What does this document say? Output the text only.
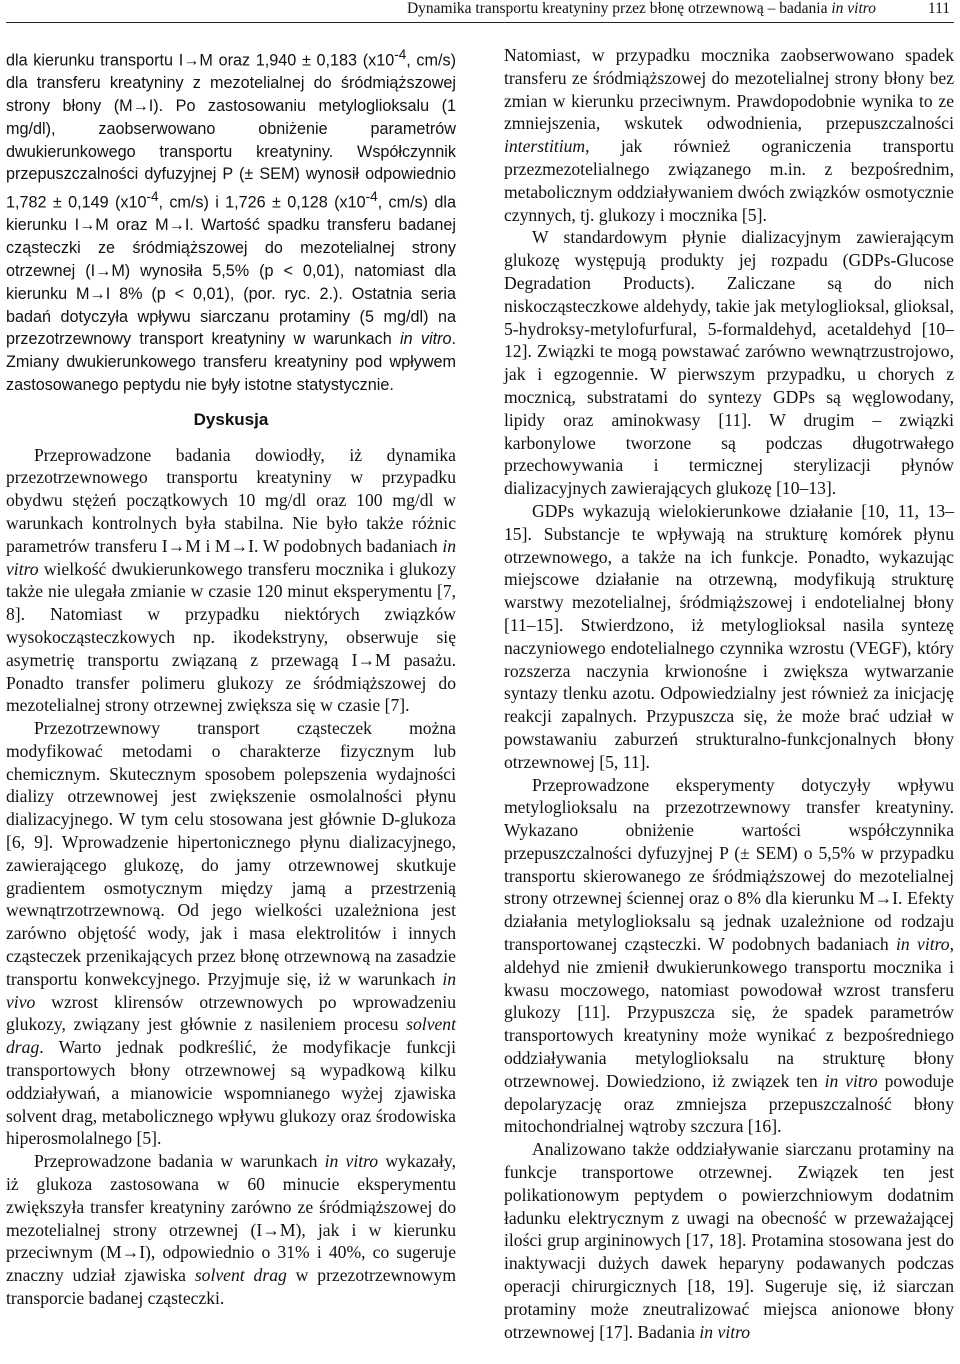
Dynamika transportu kreatyniny przez błonę otrzewnową – badania in vitro	111

dla kierunku transportu I→M oraz 1,940 ± 0,183 ($x10^{-4}$, cm/s) dla transferu kreatyniny z mezotelialnej do śródmiąższowej strony błony (M→I). Po zastosowaniu metyloglioksalu (1 mg/dl), zaobserwowano obniżenie parametrów dwukierunkowego transportu kreatyniny. Współczynnik przepuszczalności dyfuzyjnej P (± SEM) wynosił odpowiednio 1,782 ± 0,149 ($x10^{-4}$, cm/s) i 1,726 ± 0,128 ($x10^{-4}$, cm/s) dla kierunku I→M oraz M→I. Wartość spadku transferu badanej cząsteczki ze śródmiąższowej do mezotelialnej strony otrzewnej (I→M) wynosiła 5,5% (p < 0,01), natomiast dla kierunku M→I 8% (p < 0,01), (por. ryc. 2.). Ostatnia seria badań dotyczyła wpływu siarczanu protaminy (5 mg/dl) na przezotrzewnowy transport kreatyniny w warunkach in vitro. Zmiany dwukierunkowego transferu kreatyniny pod wpływem zastosowanego peptydu nie były istotne statystycznie.

Dyskusja

Przeprowadzone badania dowiodły, iż dynamika przezotrzewnowego transportu kreatyniny w przypadku obydwu stężeń początkowych 10 mg/dl oraz 100 mg/dl w warunkach kontrolnych była stabilna. Nie było także różnic parametrów transferu I→M i M→I. W podobnych badaniach in vitro wielkość dwukierunkowego transferu mocznika i glukozy także nie ulegała zmianie w czasie 120 minut eksperymentu [7, 8]. Natomiast w przypadku niektórych związków wysokocząsteczkowych np. ikodekstryny, obserwuje się asymetrię transportu związaną z przewagą I→M pasażu. Ponadto transfer polimeru glukozy ze śródmiąższowej do mezotelialnej strony otrzewnej zwiększa się w czasie [7].

Przezotrzewnowy transport cząsteczek można modyfikować metodami o charakterze fizycznym lub chemicznym. Skutecznym sposobem polepszenia wydajności dializy otrzewnowej jest zwiększenie osmolalności płynu dializacyjnego. W tym celu stosowana jest głównie D-glukoza [6, 9]. Wprowadzenie hipertonicznego płynu dializacyjnego, zawierającego glukozę, do jamy otrzewnowej skutkuje gradientem osmotycznym między jamą a przestrzenią wewnątrzotrzewnową. Od jego wielkości uzależniona jest zarówno objętość wody, jak i masa elektrolitów i innych cząsteczek przenikających przez błonę otrzewnową na zasadzie transportu konwekcyjnego. Przyjmuje się, iż w warunkach in vivo wzrost klirensów otrzewnowych po wprowadzeniu glukozy, związany jest głównie z nasileniem procesu solvent drag. Warto jednak podkreślić, że modyfikacje funkcji transportowych błony otrzewnowej są wypadkową kilku oddziaływań, a mianowicie wspomnianego wyżej zjawiska solvent drag, metabolicznego wpływu glukozy oraz środowiska hiperosmolalnego [5].

Przeprowadzone badania w warunkach in vitro wykazały, iż glukoza zastosowana w 60 minucie eksperymentu zwiększyła transfer kreatyniny zarówno ze śródmiąższowej do mezotelialnej strony otrzewnej (I→M), jak i w kierunku przeciwnym (M→I), odpowiednio o 31% i 40%, co sugeruje znaczny udział zjawiska solvent drag w przezotrzewnowym transporcie badanej cząsteczki.

Natomiast, w przypadku mocznika zaobserwowano spadek transferu ze śródmiąższowej do mezotelialnej strony błony bez zmian w kierunku przeciwnym. Prawdopodobnie wynika to ze zmniejszenia, wskutek odwodnienia, przepuszczalności interstitium, jak również ograniczenia transportu przezmezotelialnego związanego m.in. z bezpośrednim, metabolicznym oddziaływaniem dwóch związków osmotycznie czynnych, tj. glukozy i mocznika [5].

W standardowym płynie dializacyjnym zawierającym glukozę występują produkty jej rozpadu (GDPs-Glucose Degradation Products). Zaliczane są do nich niskocząsteczkowe aldehydy, takie jak metyloglioksal, glioksal, 5-hydroksy-metylofurfural, 5-formaldehyd, acetaldehyd [10–12]. Związki te mogą powstawać zarówno wewnątrzustrojowo, jak i egzogennie. W pierwszym przypadku, u chorych z mocznicą, substratami do syntezy GDPs są węglowodany, lipidy oraz aminokwasy [11]. W drugim – związki karbonylowe tworzone są podczas długotrwałego przechowywania i termicznej sterylizacji płynów dializacyjnych zawierających glukozę [10–13].

GDPs wykazują wielokierunkowe działanie [10, 11, 13–15]. Substancje te wpływają na strukturę komórek płynu otrzewnowego, a także na ich funkcje. Ponadto, wykazując miejscowe działanie na otrzewną, modyfikują strukturę warstwy mezotelialnej, śródmiąższowej i endotelialnej błony [11–15]. Stwierdzono, iż metyloglioksal nasila syntezę naczyniowego endotelialnego czynnika wzrostu (VEGF), który rozszerza naczynia krwionośne i zwiększa wytwarzanie syntazy tlenku azotu. Odpowiedzialny jest również za inicjację reakcji zapalnych. Przypuszcza się, że może brać udział w powstawaniu zaburzeń strukturalno-funkcjonalnych błony otrzewnowej [5, 11].

Przeprowadzone eksperymenty dotyczyły wpływu metyloglioksalu na przezotrzewnowy transfer kreatyniny. Wykazano obniżenie wartości współczynnika przepuszczalności dyfuzyjnej P (± SEM) o 5,5% w przypadku transportu skierowanego ze śródmiąższowej do mezotelialnej strony otrzewnej ściennej oraz o 8% dla kierunku M→I. Efekty działania metyloglioksalu są jednak uzależnione od rodzaju transportowanej cząsteczki. W podobnych badaniach in vitro, aldehyd nie zmienił dwukierunkowego transportu mocznika i kwasu moczowego, natomiast powodował wzrost transferu glukozy [11]. Przypuszcza się, że spadek parametrów transportowych kreatyniny może wynikać z bezpośredniego oddziaływania metyloglioksalu na strukturę błony otrzewnowej. Dowiedziono, iż związek ten in vitro powoduje depolaryzację oraz zmniejsza przepuszczalność błony mitochondrialnej wątroby szczura [16].

Analizowano także oddziaływanie siarczanu protaminy na funkcje transportowe otrzewnej. Związek ten jest polikationowym peptydem o powierzchniowym dodatnim ładunku elektrycznym z uwagi na obecność w przeważającej ilości grup argininowych [17, 18]. Protamina stosowana jest do inaktywacji dużych dawek heparyny podawanych podczas operacji chirurgicznych [18, 19]. Sugeruje się, iż siarczan protaminy może zneutralizować miejsca anionowe błony otrzewnowej [17]. Badania in vitro
